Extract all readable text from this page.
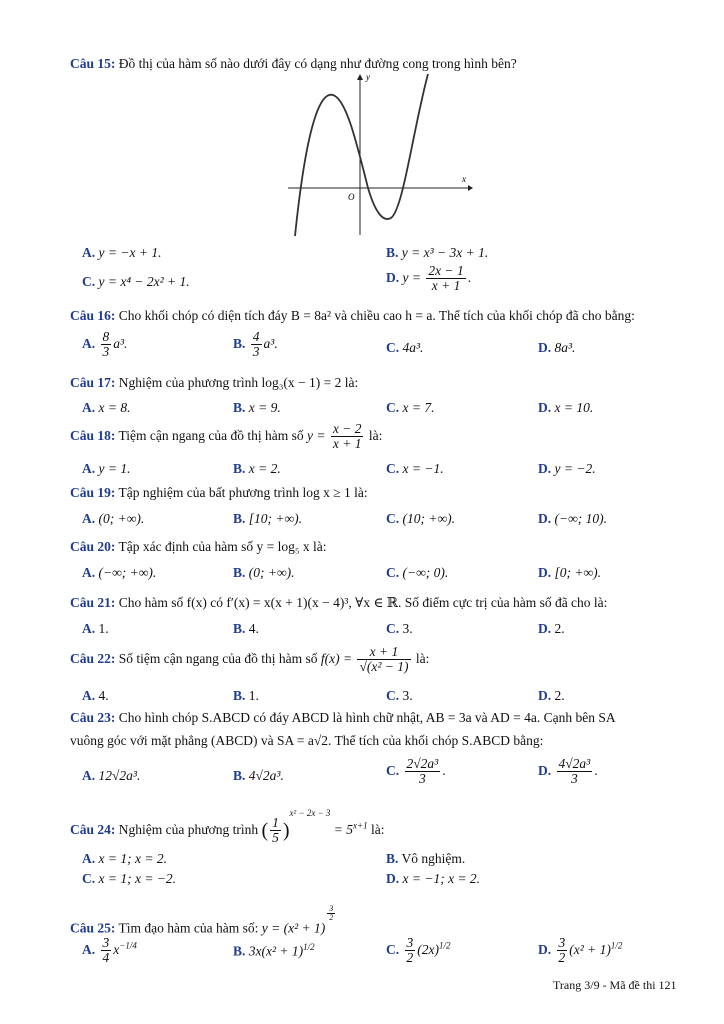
Câu 15: Đồ thị của hàm số nào dưới đây có dạng như đường cong trong hình bên?
x
y
O
A. y = −x + 1.	B. y = x³ − 3x + 1.
C. y = x⁴ − 2x² + 1.	D. $y = \frac{2x - 1}{x + 1}$ .
Câu 16: Cho khối chóp có diện tích đáy B = 8a² và chiều cao h = a. Thể tích của khối chóp đã cho bằng:
A. $\frac{8}{3} a^3$.	B. $\frac{4}{3} a^3$.	C. 4a³.	D. 8a³.
Câu 17: Nghiệm của phương trình log₃(x − 1) = 2 là:
A. x = 8.	B. x = 9.	C. x = 7.	D. x = 10.
Câu 18: Tiệm cận ngang của đồ thị hàm số $y = \frac{x - 2}{x + 1}$ là:
A. y = 1.	B. x = 2.	C. x = −1.	D. y = −2.
Câu 19: Tập nghiệm của bất phương trình log x ≥ 1 là:
A. (0; +∞).	B. [10; +∞).	C. (10; +∞).	D. (−∞; 10).
Câu 20: Tập xác định của hàm số y = log₅ x là:
A. (−∞; +∞).	B. (0; +∞).	C. (−∞; 0).	D. [0; +∞).
Câu 21: Cho hàm số f(x) có f′(x) = x(x + 1)(x − 4)³, ∀x ∈ ℝ. Số điểm cực trị của hàm số đã cho là:
A. 1.	B. 4.	C. 3.	D. 2.
Câu 22: Số tiệm cận ngang của đồ thị hàm số $f(x) = \frac{x + 1}{\text{√(x² − 1)}}$ là:
A. 4.	B. 1.	C. 3.	D. 2.
Câu 23: Cho hình chóp S.ABCD có đáy ABCD là hình chữ nhật, AB = 3a và AD = 4a. Cạnh bên SA
vuông góc với mặt phẳng (ABCD) và SA = a√2. Thể tích của khối chóp S.ABCD bằng:
A. 12√2a³.	B. 4√2a³.	C. $\frac{\text{2√2a³}}{3}$ .	D. $\frac{\text{4√2a³}}{3}$ .
Câu 24: Nghiệm của phương trình ( $\frac{1}{5} )^{x^2 - 2x - 3} = 5^{x+1}$ là:
A. x = 1; x = 2.	B. Vô nghiệm.
C. x = 1; x = −2.	D. x = −1; x = 2.
Câu 25: Tìm đạo hàm của hàm số: y = (x² + 1)
$\frac{3}{2}$
A. $\frac{3}{4} x^{-1/4}$	B. $3x(x^2 + 1)^{1/2}$	C. $\frac{3}{2} (2x)^{1/2}$	D. $\frac{3}{2} (x^2 + 1)^{1/2}$
Trang 3/9 - Mã đề thi 121
